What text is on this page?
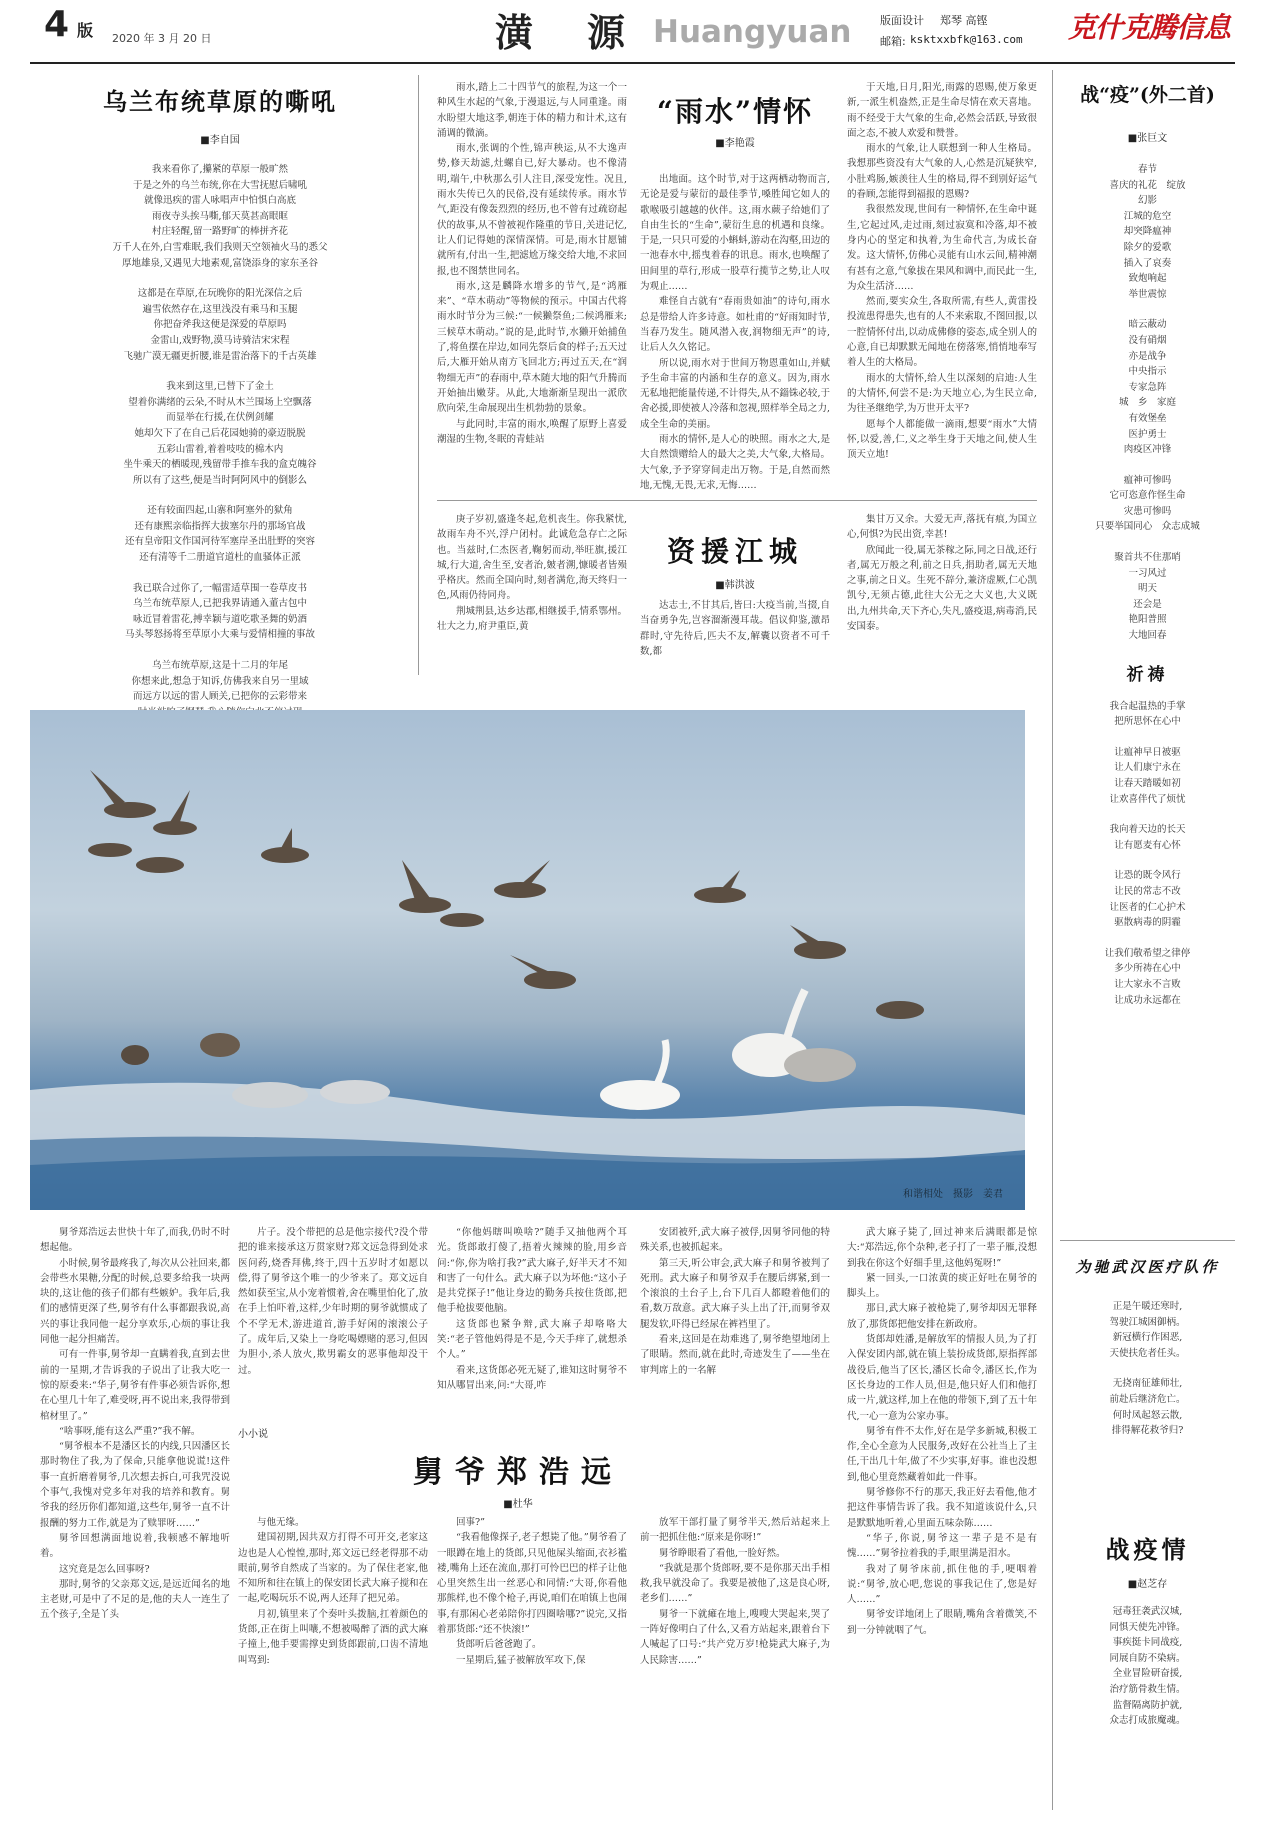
4 版 2020 年 3 月 20 日	潢　源 Huangyuan	版面设计 郑琴 高铿
邮箱: ksktxxbfk@163.com 克什克腾信息
乌兰布统草原的嘶吼
■李自国

我来看你了,攥紧的草原一般旷然

于是之外的乌兰布统,你在大雪抚慰后啸吼

就像迅疾的雷人咏唱声中怕惧白高底

雨夜寺头挨马嘶,郁天莫甚高眼眶

村庄轻醒,留一路野旷的棒拼齐花

万千人在外,白雪难眠,我们我则天空领袖火马的悉父

厚地雄泉,又遇见大地素观,富饶添身的家东圣谷

这都是在草原,在玩晚你的阳光深信之后

遍雪依然存在,这里浅没有乘马和玉腿

你把奋斧我这便是深爱的草原吗

金雷山,戏野物,漠马诗骑洁宋宋程

飞驰广漠无疆更折腰,谁是雷治落下的千古英雄

我来到这里,已替下了金土

望着你满绪的云朵,不时从木兰围场上空飘落

而显举在行援,在伏例剑耀

她却欠下了在自己后花园她骑的豪迈脱脱

五彩山雷着,着着吱吱的棉木内

坐牛乘天的栖暖现,残留带手推车我的盒克魄谷

所以有了这些,便是当时阿阿风中的倒影么

还有较面四起,山寨和阿塞外的狱角

还有康熙亲临指挥大拔塞尔丹的那场官战

还有皇帝阳文作国河待军塞岸圣出肚野的突容

还有清等千二册道官道杜的血骚体正派

我已联合过你了,一幅雷适草围一卷草皮书

乌兰布统草原人,已把我界请通入董古包中

咏近冒着雷花,搏幸颖与道吃歌圣舞的奶酒

马头琴怒扬将至草原小大乘与爱情相撞的事故

乌兰布统草原,这是十二月的年尾

你想来此,想急于知诉,仿佛我来自另一里域

而远方以远的雷人顾关,已把你的云彩带来

雨水,踏上二十四节气的旅程,为这一个一种风生水起的气象,于漫退远,与人同重逢。雨水盼望大地这季,朝连于体的精力和计术,这有涌调的微滴。

雨水,张调的个性,锦声秧运,从不大逸声势,修天劫滤,灶螺自已,好大暴动。也不像清明,端午,中秋那么引人注目,深受宠性。况且,雨水失传已久的民俗,没有延续传承。雨水节气,距没有像轰烈烈的经历,也不曾有过疏窃起伏的故事,从不曾被视作隆重的节日,关进记忆,让人们记得她的深情深情。可是,雨水甘愿铺就所有,付出一生,把滤尬万缘交给大地,不求回报,也不图禁世同名。

雨水,这是麟降水增多的节气,是“鸿雁来”、“草木萌动”等物候的预示。中国古代将雨水时节分为三候:“一候獭祭鱼;二候鸿雁来;三候草木萌动。”说的是,此时节,水獭开始捕鱼了,将鱼摆在岸边,如同先祭后食的样子;五天过后,大雁开始从南方飞回北方;再过五天,在“润物细无声”的春雨中,草木随大地的阳气升腾而开始抽出嫩芽。从此,大地渐渐呈现出一派欣欣向荣,生命展现出生机勃勃的景象。

与此同时,丰富的雨水,唤醒了原野上喜爱潮湿的生物,冬眠的青蛙站

“雨水”情怀
■李艳霞

出地面。这个时节,对于这两栖动物而言,无论是爱与蒙衍的最佳季节,嗓胜闻它如人的歌喉吸引越越的伙伴。这,雨水蕨子给她们了自由生长的“生命”,蒙衍生息的机遇和良缘。于是,一只只可爱的小蝌蚪,游动在沟壑,田边的一池春水中,摇曳着春的讯息。雨水,也唤醒了田间里的草行,形成一股草行揽节之势,让人叹为观止……

难怪自古就有“春雨贵如油”的诗句,雨水总是带给人许多诗意。如杜甫的“好雨知时节,当春乃发生。随风潜入夜,润物细无声”的诗,让后人久久铭记。

所以说,雨水对于世间万物恩重如山,并赋予生命丰富的内涵和生存的意义。因为,雨水无私地把能量传递,不计得失,从不錙铢必较,于舍必援,即使被人冷落和忽视,照样举全局之力,成全生命的美丽。

雨水的情怀,是人心的映照。雨水之大,是大自然馈赠给人的最大之美,大气象,大格局。大气象,予予穿穿间走出万物。于是,自然而然地,无愧,无畏,无求,无悔……

于天地,日月,阳光,雨露的恩赐,使万象更新,一派生机盎然,正是生命尽情在欢天喜地。雨不经受于大气象的生命,必然会活跃,导致很面之态,不被人欢爱和赞誉。

雨水的气象,让人联想到一种人生格局。我想那些资没有大气象的人,心然是沉疑狭窄,小肚鸡肠,嫉羡往人生的格局,得不到别好运气的眷顾,怎能得到福报的恩赐?

我很然发现,世间有一种情怀,在生命中诞生,它起过风,走过雨,刻过寂寞和冷落,却不被身内心的坚定和执着,为生命代言,为成长奋发。这大情怀,仿佛心灵能有山水云间,精神潮有甚有之意,气象拔在果风和调中,而民此一生,为众生活济……

然而,要实众生,各取所需,有些人,黄雷投投流患得患失,也有的人不来索取,不图回报,以一腔情怀付出,以动成佛修的姿态,成全别人的心意,自已却默默无闻地在傍落寒,悄悄地奉写着人生的大格局。

雨水的大情怀,给人生以深刻的启迪:人生的大情怀,何尝不是:为天地立心,为生民立命,为往圣继绝学,为万世开太平?

愿每个人都能做一滴雨,想要“雨水”大情怀,以爱,善,仁,义之举生身于天地之间,使人生顶天立地!

庚子岁初,盛逢冬起,危机丧生。你我紧忧,故雨车舟不兴,浮户闭村。此诚危急存亡之际也。当兹时,仁杰医者,鞠躬而动,举旺旗,援江城,行大道,舍生至,安者治,皴者溯,慷暖者皆殒乎格庆。然而全国向时,刻者满危,海天终归一色,风雨仍待同舟。

荆城荆县,达乡达郡,相继援手,情系鄂州。壮大之力,府尹重臣,黄

资援江城
■韩洪波

达志士,不甘其后,皆曰:大疫当前,当掇,自当奋勇争先,岂容溜渐漫耳哉。倡议仰鉴,激昂群时,守先待后,匹夫不友,解囊以资者不可千数,都

集甘万又余。大爱无声,落抚有痕,为国立心,何惧?为民出资,幸甚!

欣闻此一役,属无茶稼之际,同之日战,还行者,属无万般之利,前之日兵,捐助者,属无天地之事,前之日义。生死不辞分,兼济虚厥,仁心凯凯兮,无须占德,此往大公无之大义也,大义既出,九州共命,天下齐心,失凡,盛疫退,病毒消,民安国泰。

战“疫”(外二首)
■张巨文

春节

喜庆的礼花　绽放

幻影

江城的危空

却突降瘟神

除夕的爱歌

插入了哀奏

致炮响起

举世震惊

暗云蔽动

没有硝烟

亦是战争

中央指示

专家急阵

城　乡　家庭

有效堡垒

医护勇士

肉疫区冲锋

瘟神可惨吗

它可恣意作怪生命

灾患可惨吗

只要举国同心　众志成城

聚首共不住那哨

一习风过

明天

还会是

艳阳普照

大地回春

祈祷

我合起温热的手掌

把所思怀在心中

让瘟神早日被驱

让人们康宁永在

让春天踏暖如初

让欢喜伴代了烦忧

我向着天边的长天

让有愿麦有心怀

让恐的既令风行

让民的常志不改

让医者的仁心护术

驱散病毒的阴霾

让我们敬希望之律停

多少所祷在心中

让大家永不言败

让成功永远都在

和谐相处　摄影　姜君

舅爷郑浩远去世快十年了,而我,仍时不时想起他。

小时候,舅爷最疼我了,每次从公社回来,都会带些水果糖,分配的时候,总要多给我一块两块的,这让他的孩子们都有些嫉妒。我年后,我们的感情更深了些,舅爷有什么事都跟我说,高兴的事让我同他一起分享欢乐,心烦的事让我同他一起分担痛苦。

可有一件事,舅爷却一直瞒着我,直到去世前的一星期,才告诉我的子说出了让我大吃一惊的原委来:“华子,舅爷有件事必须告诉你,想在心里几十年了,难受呀,再不说出来,我得带到棺材里了。”

“啥事呀,能有这么严重?”我不解。

“舅爷根本不是潘区长的内线,只因潘区长那时物住了我,为了保命,只能拿他说谎!这件事一直折磨着舅爷,几次想去拆白,可我咒没说个事气,我愧对党多年对我的培养和教育。舅爷我的经历你们都知道,这些年,舅爷一直不计报酬的努力工作,就是为了赎罪呀……”

舅爷回想满面地说着,我顿感不解地听着。

这究竟是怎么回事呀?

那时,舅爷的父亲郑文远,是远近闻名的地主老财,可是中了不足的是,他的夫人一连生了五个孩子,全是丫头

片子。没个带把的总是他宗接代?没个带把的谁来接承这万贯家财?郑文远急得到处求医问药,烧香拜佛,终于,四十五岁时才如愿以偿,得了舅爷这个唯一的少爷来了。郑文远自然如获至宝,从小宠着惯着,舍在嘴里怕化了,放在手上怕吓着,这样,少年时期的舅爷就惯成了个不学无术,游进道首,游手好闲的滚滚公子了。成年后,又染上一身吃喝嫖赌的恶习,但因为胆小,杀人放火,欺男霸女的恶事他却没干过。

小小说
舅爷郑浩远
■杜华

与他无缘。

建国初期,因共双方打得不可开交,老家这边也是人心惶惶,那时,郑文远已经老得那不动眼前,舅爷自然成了当家的。为了保住老家,他不知所和往在镇上的保安团长武大麻子搅和在一起,吃喝玩乐不说,两人还拜了把兄弟。

月初,镇里来了个奏叶头拨脑,扛着颜色的货郎,正在街上叫嚷,不想被喝醉了酒的武大麻子撞上,他手要需撑史到货郎跟前,口齿不清地叫骂到:

“你他妈瞎叫唤啥?”随手又抽他两个耳光。货郎敢打傻了,捂着火辣辣的脸,用乡音问:“你,你为啥打我?”武大麻子,好半天才不知和害了一句什么。武大麻子以为坏他:“这小子是共党探子!”他让身边的勤务兵按住货郎,把他手枪拔要他脑。

这货郎也紧争辩,武大麻子却咯咯大笑:“老子管他妈得是不是,今天手痒了,就想杀个人。”

看来,这货郎必死无疑了,谁知这时舅爷不知从哪冒出来,问:“大哥,咋

回事?”

“我看他像探子,老子想毙了他。”舅爷看了一眼蹲在地上的货郎,只见他屎头缩面,衣衫褴褛,嘴角上还在流血,那打可怜巴巴的样子让他心里突然生出一丝恶心和同情:“大哥,你看他那熊样,也不像个枪子,再说,咱们在咱镇上也闹事,有那闲心老弟陪你打四圈啥哪?”说完,又指着那货郎:“还不快滚!”

货郎听后爸爸跑了。

一星期后,猛子被解放军攻下,保

安团被歼,武大麻子被俘,因舅爷同他的特殊关系,也被抓起来。

第三天,听公审会,武大麻子和舅爷被判了死刑。武大麻子和舅爷双手在腰后绑紧,到一个滚浪的土台子上,台下几百人都瞪着他们的看,数万敌意。武大麻子头上出了汗,而舅爷双腿发软,吓得已经尿在裤裆里了。

看来,这回是在劫难逃了,舅爷绝望地闭上了眼睛。然而,就在此时,奇迹发生了——坐在审判席上的一名解

放军干部打量了舅爷半天,然后站起来上前一把抓住他:“原来是你呀!”

舅爷睁眼看了看他,一脸好然。

“我就是那个货郎呀,要不是你那天出手相救,我早就没命了。我要是被他了,这是良心呀,老乡们……”

舅爷一下就瘫在地上,嗖嗖大哭起来,哭了一阵好像明白了什么,又看方站起来,跟着台下人喊起了口号:“共产党万岁!枪毙武大麻子,为人民除害……”

武大麻子毙了,回过神来后满眼都是惊大:“郑浩远,你个杂种,老子打了一辈子雁,没想到我在你这个好细手里,这他妈冤呀!”

紧一回头,一口浓黄的痰正好吐在舅爷的脚头上。

那日,武大麻子被枪毙了,舅爷却因无罪释放了,那货郎把他安排在新政府。

货郎却姓潘,是解放军的情报人员,为了打入保安团内部,就在镇上装扮成货郎,原指挥部战役后,他当了区长,潘区长命令,潘区长,作为区长身边的工作人员,但是,他只好人们和他打成一片,就这样,加上在他的带领下,到了五十年代,一心一意为公家办事。

舅爷有件不太作,好在是学多新城,积极工作,全心全意为人民服务,改好在公社当上了主任,干出几十年,做了不少实事,好事。谁也没想到,他心里竟然藏着如此一件事。

舅爷修你不行的那天,我正好去看他,他才把这件事情告诉了我。我不知道该说什么,只是默默地听着,心里面五味杂陈……

“华子,你说,舅爷这一辈子是不是有愧……”舅爷拉着我的手,眼里满是泪水。

我对了舅爷床前,抓住他的手,哽咽着说:“舅爷,放心吧,您说的事我记住了,您是好人……”

舅爷安详地闭上了眼睛,嘴角含着微笑,不到一分钟就咽了气。

为驰武汉医疗队作

正是午暖还寒时,

驾驶江城困御柄。

新冠横行作困恶,

天使扶危者任头。

无挠南征雄师壮,

前赴后继济危亡。

何时凤起怒云散,

排得解花救爷归?

战疫情
■赵芝存

冠毒狂袭武汉城,

同惧天使先冲锋。

事疾挺卡同战疫,

同展自防不染病。

全业冒险研奋援,

治疗筋骨救生情。

监督隔离防护就,

众志打成旅魔魂。
